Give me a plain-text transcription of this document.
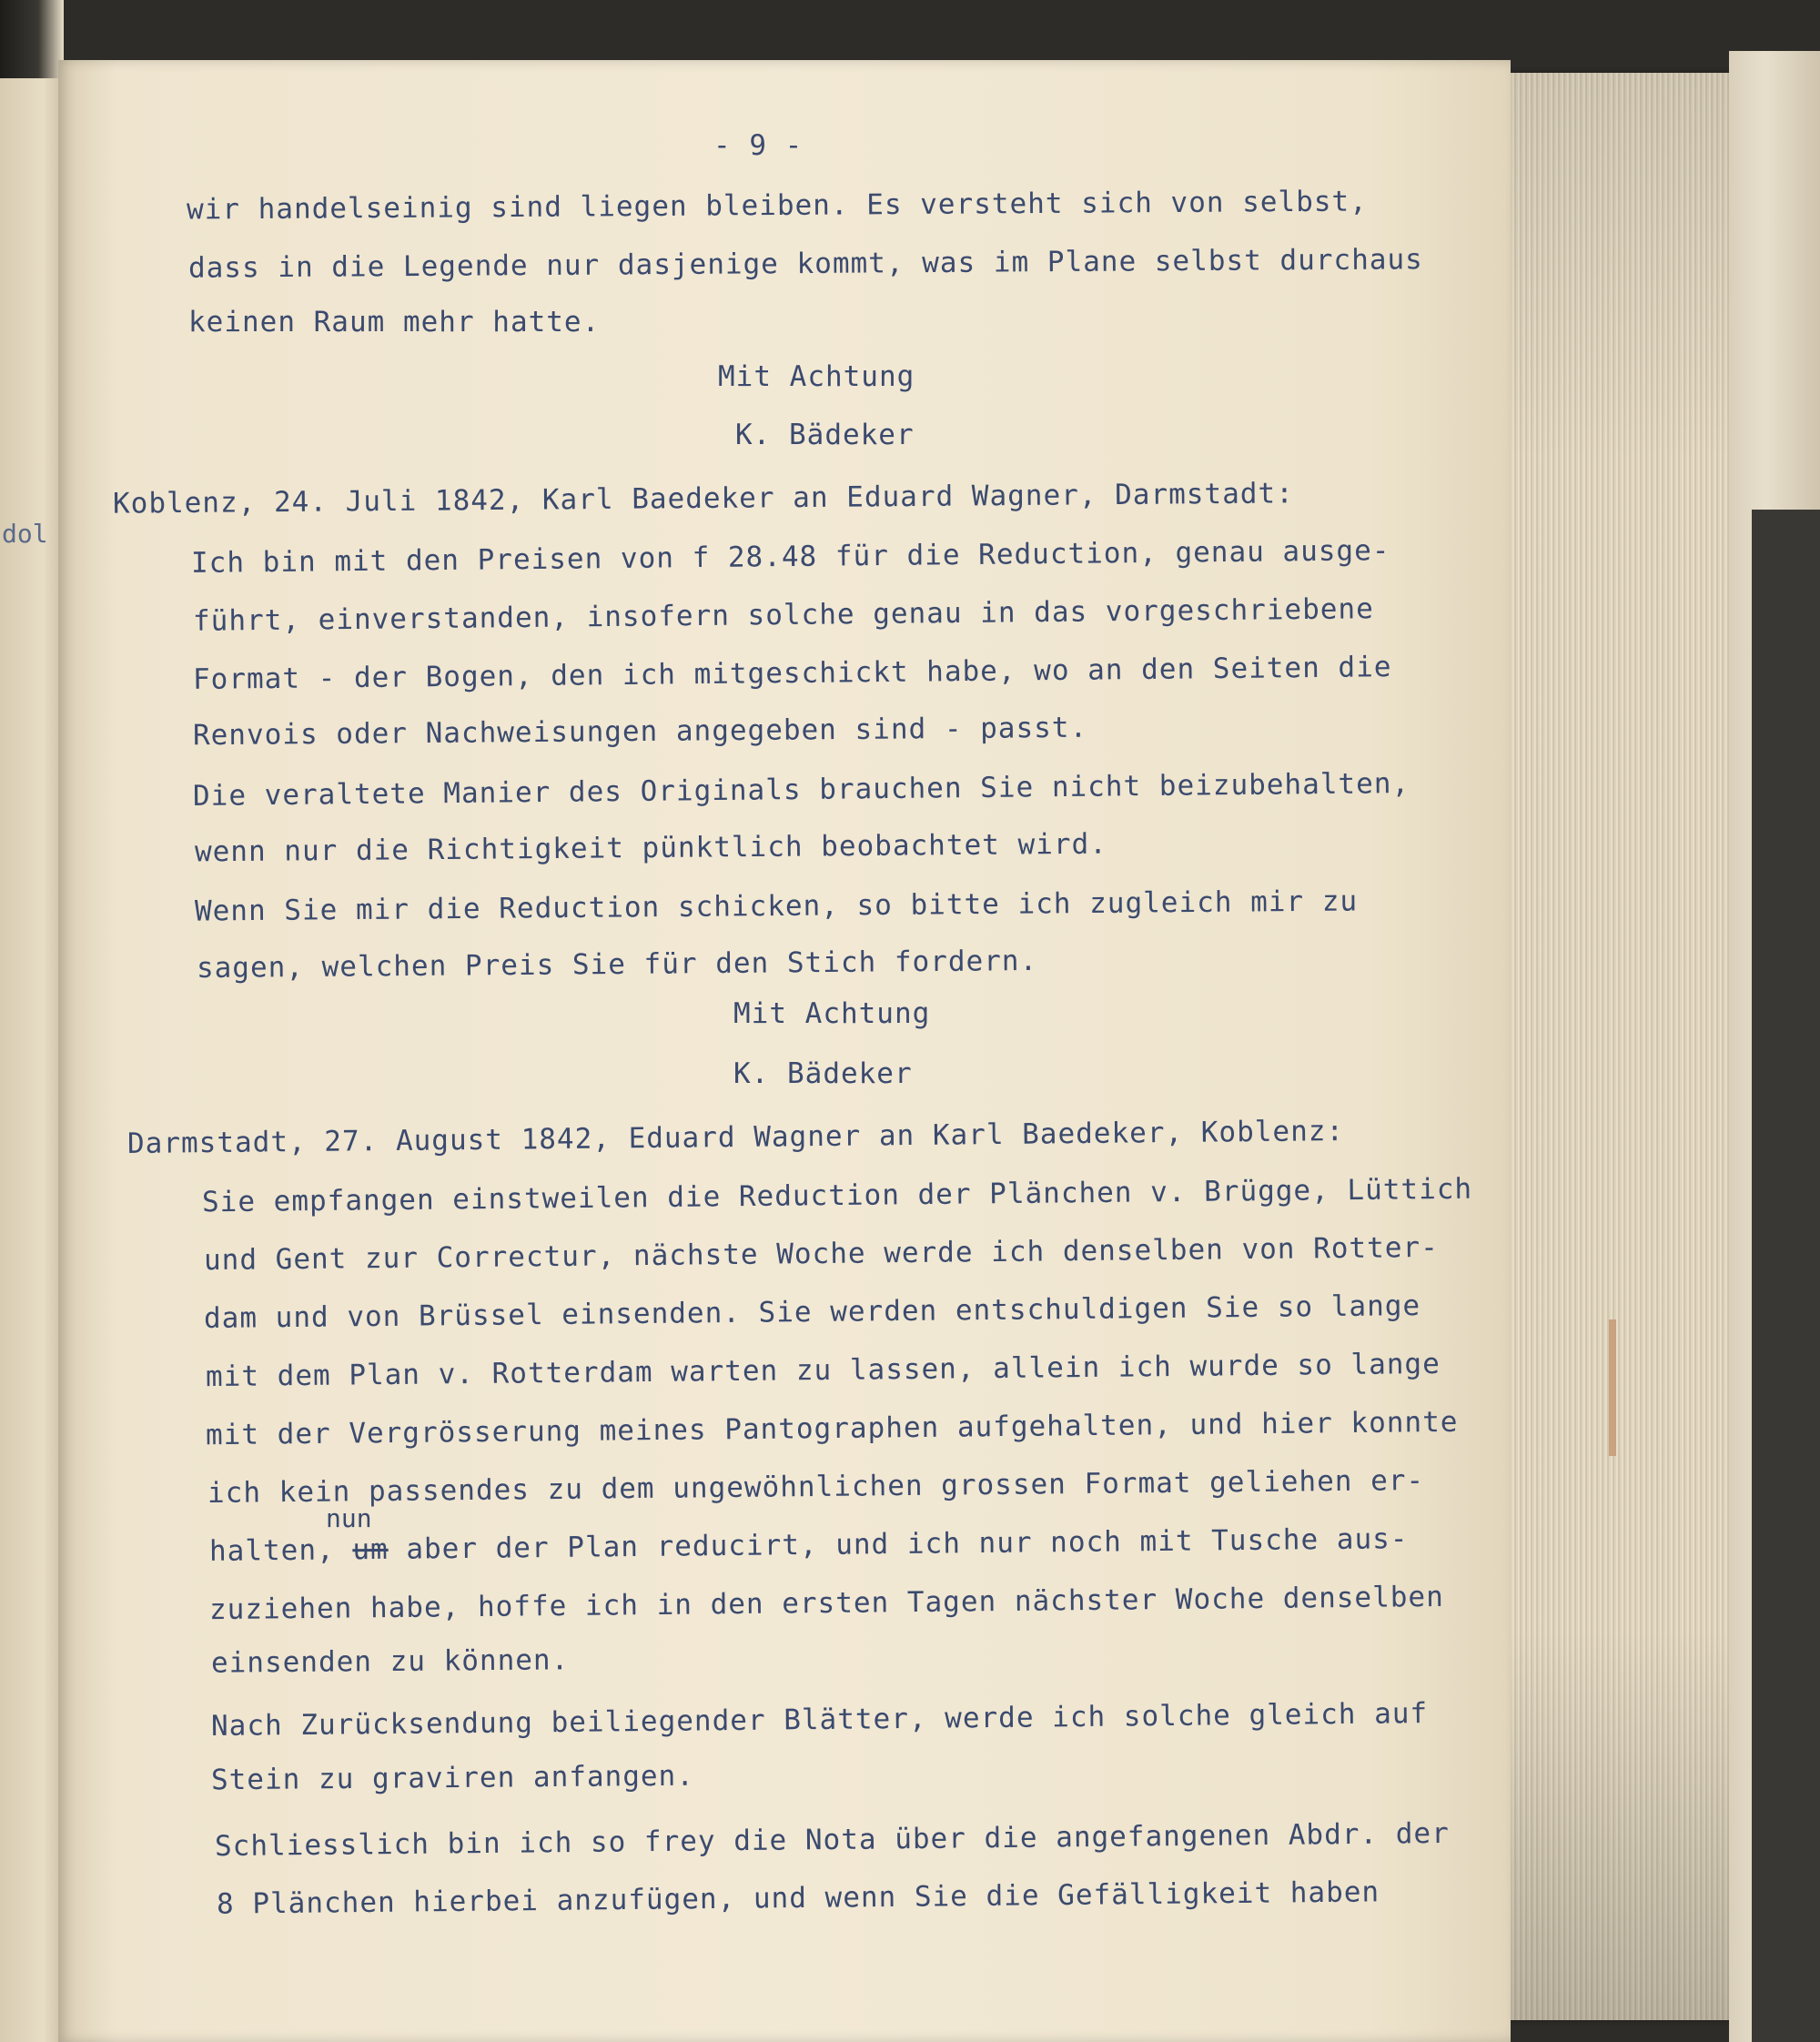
dol

- 9 -

wir handelseinig sind liegen bleiben. Es versteht sich von selbst,

dass in die Legende nur dasjenige kommt, was im Plane selbst durchaus

keinen Raum mehr hatte.

Mit Achtung

K. Bädeker

Koblenz, 24. Juli 1842, Karl Baedeker an Eduard Wagner, Darmstadt:

Ich bin mit den Preisen von f 28.48 für die Reduction, genau ausge-

führt, einverstanden, insofern solche genau in das vorgeschriebene

Format - der Bogen, den ich mitgeschickt habe, wo an den Seiten die

Renvois oder Nachweisungen angegeben sind - passt.

Die veraltete Manier des Originals brauchen Sie nicht beizubehalten,

wenn nur die Richtigkeit pünktlich beobachtet wird.

Wenn Sie mir die Reduction schicken, so bitte ich zugleich mir zu

sagen, welchen Preis Sie für den Stich fordern.

Mit Achtung

K. Bädeker

Darmstadt, 27. August 1842, Eduard Wagner an Karl Baedeker, Koblenz:

Sie empfangen einstweilen die Reduction der Plänchen v. Brügge, Lüttich

und Gent zur Correctur, nächste Woche werde ich denselben von Rotter-

dam und von Brüssel einsenden. Sie werden entschuldigen Sie so lange

mit dem Plan v. Rotterdam warten zu lassen, allein ich wurde so lange

mit der Vergrösserung meines Pantographen aufgehalten, und hier konnte

ich kein passendes zu dem ungewöhnlichen grossen Format geliehen er-

nun

halten, um aber der Plan reducirt, und ich nur noch mit Tusche aus-

zuziehen habe, hoffe ich in den ersten Tagen nächster Woche denselben

einsenden zu können.

Nach Zurücksendung beiliegender Blätter, werde ich solche gleich auf

Stein zu graviren anfangen.

Schliesslich bin ich so frey die Nota über die angefangenen Abdr. der

8 Plänchen hierbei anzufügen, und wenn Sie die Gefälligkeit haben
